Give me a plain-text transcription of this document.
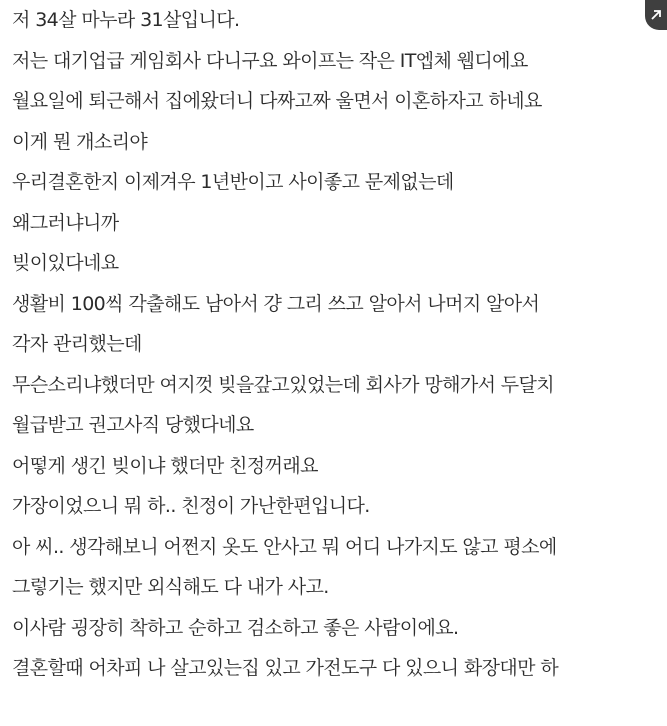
저 34살 마누라 31살입니다.
저는 대기업급 게임회사 다니구요 와이프는 작은 IT엡체 웹디에요
월요일에 퇴근해서 집에왔더니 다짜고짜 울면서 이혼하자고 하네요
이게 뭔 개소리야
우리결혼한지 이제겨우 1년반이고 사이좋고 문제없는데
왜그러냐니까
빚이있다네요
생활비 100씩 각출해도 남아서 걍 그리 쓰고 알아서 나머지 알아서
각자 관리했는데
무슨소리냐했더만 여지껏 빚을갚고있었는데 회사가 망해가서 두달치
월급받고 권고사직 당했다네요
어떻게 생긴 빚이냐 했더만 친정꺼래요
가장이었으니 뭐 하.. 친정이 가난한편입니다.
아 씨.. 생각해보니 어쩐지 옷도 안사고 뭐 어디 나가지도 않고 평소에
그렇기는 했지만 외식해도 다 내가 사고.
이사람 굉장히 착하고 순하고 검소하고 좋은 사람이에요.
결혼할때 어차피 나 살고있는집 있고 가전도구 다 있으니 화장대만 하
